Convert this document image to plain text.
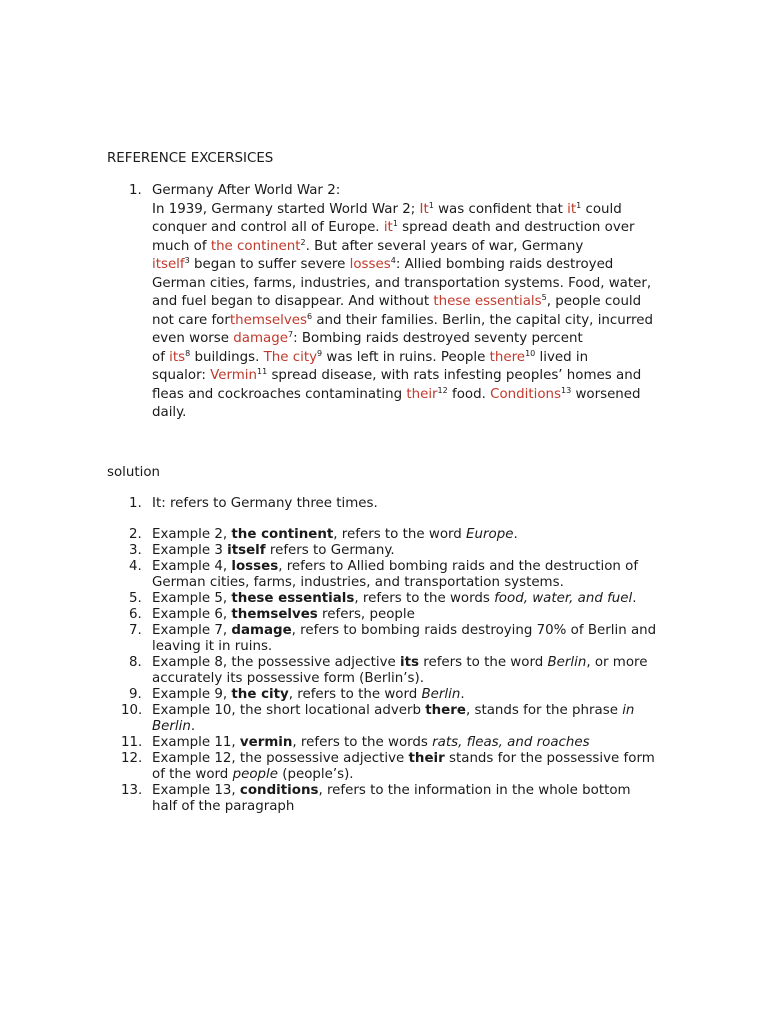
REFERENCE EXCERSICES
1. Germany After World War 2:
In 1939, Germany started World War 2; It$^1$ was confident that $it^1$ could
conquer and control all of Europe. $it^1$ spread death and destruction over
much of the continent$^2$. But after several years of war, Germany
itself$^3$ began to suffer severe losses$^4$: Allied bombing raids destroyed
German cities, farms, industries, and transportation systems. Food, water,
and fuel began to disappear. And without these essentials$^5$, people could
not care forthemselves$^6$ and their families. Berlin, the capital city, incurred
even worse damage$^7$: Bombing raids destroyed seventy percent
of its$^8$ buildings. The city$^9$ was left in ruins. People there$^{10}$ lived in
squalor: Vermin$^{11}$ spread disease, with rats infesting peoples’ homes and
fleas and cockroaches contaminating their$^{12}$ food. Conditions$^{13}$ worsened
daily.
solution
1. It: refers to Germany three times.
2. Example 2, the continent, refers to the word Europe.
3. Example 3 itself refers to Germany.
4. Example 4, losses, refers to Allied bombing raids and the destruction of
German cities, farms, industries, and transportation systems.
5. Example 5, these essentials, refers to the words food, water, and fuel.
6. Example 6, themselves refers, people
7. Example 7, damage, refers to bombing raids destroying 70% of Berlin and
leaving it in ruins.
8. Example 8, the possessive adjective its refers to the word Berlin, or more
accurately its possessive form (Berlin’s).
9. Example 9, the city, refers to the word Berlin.
10. Example 10, the short locational adverb there, stands for the phrase in
Berlin.
11. Example 11, vermin, refers to the words rats, fleas, and roaches
12. Example 12, the possessive adjective their stands for the possessive form
of the word people (people’s).
13. Example 13, conditions, refers to the information in the whole bottom
half of the paragraph
